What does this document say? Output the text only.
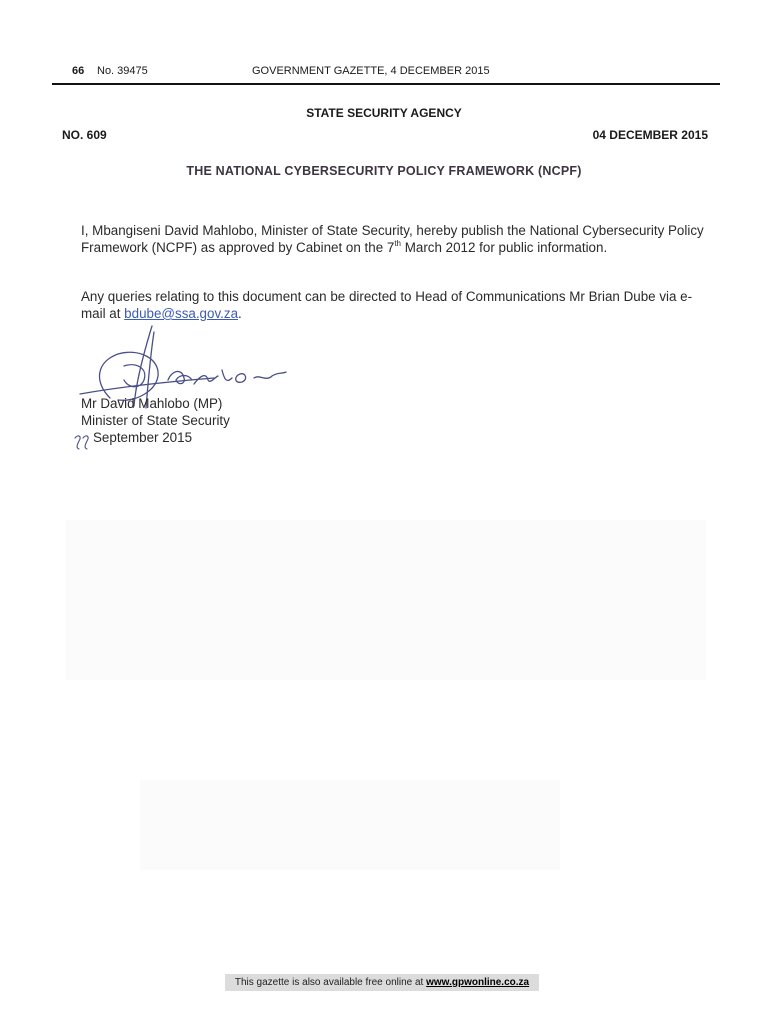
66 No. 39475	GOVERNMENT GAZETTE, 4 DECEMBER 2015
STATE SECURITY AGENCY
NO. 609	04 DECEMBER 2015
THE NATIONAL CYBERSECURITY POLICY FRAMEWORK (NCPF)
I, Mbangiseni David Mahlobo, Minister of State Security, hereby publish the National Cybersecurity Policy Framework (NCPF) as approved by Cabinet on the 7th March 2012 for public information.
Any queries relating to this document can be directed to Head of Communications Mr Brian Dube via e-mail at bdube@ssa.gov.za.
Mr David Mahlobo (MP)
Minister of State Security
September 2015
This gazette is also available free online at www.gpwonline.co.za
